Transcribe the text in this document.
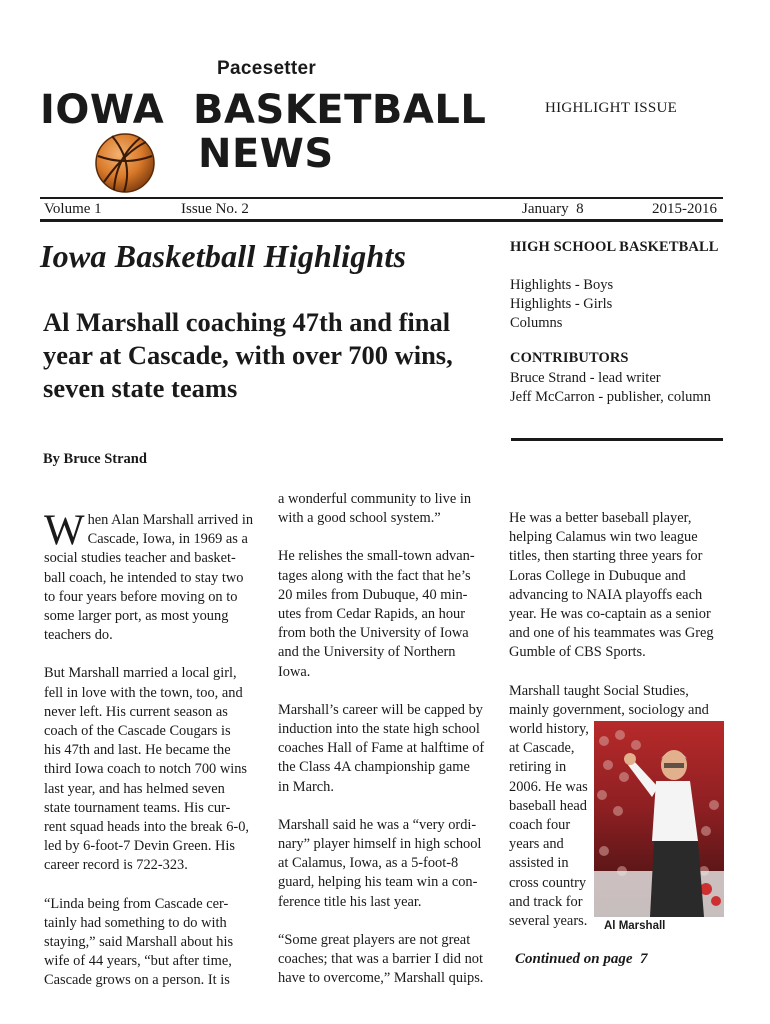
Pacesetter
IOWA  BASKETBALL
NEWS
HIGHLIGHT ISSUE
Volume 1	Issue No. 2	January  8	2015-2016
Iowa Basketball Highlights
Al Marshall coaching 47th and final year at Cascade, with over 700 wins, seven state teams
HIGH SCHOOL BASKETBALL
Highlights - Boys
Highlights - Girls
Columns
CONTRIBUTORS
Bruce Strand - lead writer
Jeff McCarron - publisher, column
By Bruce Strand

W hen Alan Marshall arrived in
Cascade, Iowa, in 1969 as a
social studies teacher and basket-
ball coach, he intended to stay two
to four years before moving on to
some larger port, as most young
teachers do.

But Marshall married a local girl,
fell in love with the town, too, and
never left. His current season as
coach of the Cascade Cougars is
his 47th and last. He became the
third Iowa coach to notch 700 wins
last year, and has helmed seven
state tournament teams. His cur-
rent squad heads into the break 6-0,
led by 6-foot-7 Devin Green. His
career record is 722-323.

“Linda being from Cascade cer-
tainly had something to do with
staying,” said Marshall about his
wife of 44 years, “but after time,
Cascade grows on a person. It is

a wonderful community to live in
with a good school system.”

He relishes the small-town advan-
tages along with the fact that he’s
20 miles from Dubuque, 40 min-
utes from Cedar Rapids, an hour
from both the University of Iowa
and the University of Northern
Iowa.

Marshall’s career will be capped by
induction into the state high school
coaches Hall of Fame at halftime of
the Class 4A championship game
in March.

Marshall said he was a “very ordi-
nary” player himself in high school
at Calamus, Iowa, as a 5-foot-8
guard, helping his team win a con-
ference title his last year.

“Some great players are not great
coaches; that was a barrier I did not
have to overcome,” Marshall quips.

He was a better baseball player,
helping Calamus win two league
titles, then starting three years for
Loras College in Dubuque and
advancing to NAIA playoffs each
year. He was co-captain as a senior
and one of his teammates was Greg
Gumble of CBS Sports.

Marshall taught Social Studies,
mainly government, sociology and
world history,
at Cascade,
retiring in
2006. He was
baseball head
coach four
years and
assisted in
cross country
and track for
several years.	Al Marshall
Continued on page  7
